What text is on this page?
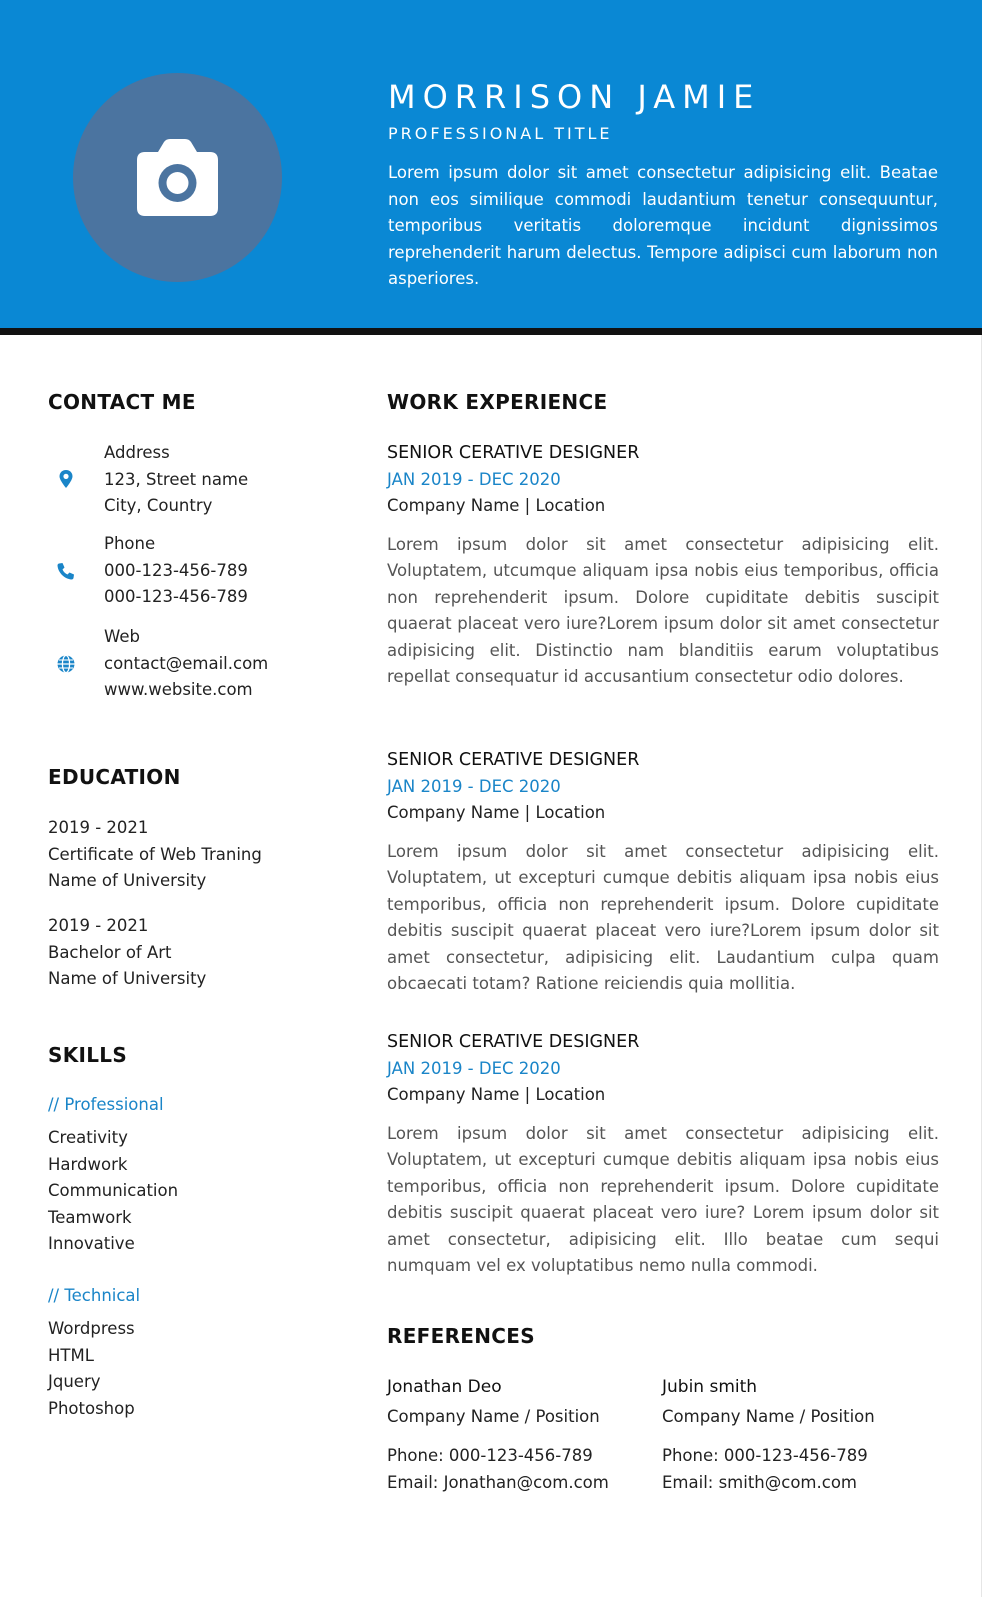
MORRISON JAMIE
PROFESSIONAL TITLE
Lorem ipsum dolor sit amet consectetur adipisicing elit. Beatae non eos similique commodi laudantium tenetur consequuntur, temporibus veritatis doloremque incidunt dignissimos reprehenderit harum delectus. Tempore adipisci cum laborum non asperiores.
CONTACT ME
Address
123, Street name
City, Country
Phone
000-123-456-789
000-123-456-789
Web
contact@email.com
www.website.com
EDUCATION
2019 - 2021
Certificate of Web Traning
Name of University
2019 - 2021
Bachelor of Art
Name of University
SKILLS
// Professional
Creativity
Hardwork
Communication
Teamwork
Innovative
// Technical
Wordpress
HTML
Jquery
Photoshop
WORK EXPERIENCE
SENIOR CERATIVE DESIGNER
JAN 2019 - DEC 2020
Company Name | Location
Lorem ipsum dolor sit amet consectetur adipisicing elit. Voluptatem, utcumque aliquam ipsa nobis eius temporibus, officia non reprehenderit ipsum. Dolore cupiditate debitis suscipit quaerat placeat vero iure?Lorem ipsum dolor sit amet consectetur adipisicing elit. Distinctio nam blanditiis earum voluptatibus repellat consequatur id accusantium consectetur odio dolores.
SENIOR CERATIVE DESIGNER
JAN 2019 - DEC 2020
Company Name | Location
Lorem ipsum dolor sit amet consectetur adipisicing elit. Voluptatem, ut excepturi cumque debitis aliquam ipsa nobis eius temporibus, officia non reprehenderit ipsum. Dolore cupiditate debitis suscipit quaerat placeat vero iure?Lorem ipsum dolor sit amet consectetur, adipisicing elit. Laudantium culpa quam obcaecati totam? Ratione reiciendis quia mollitia.
SENIOR CERATIVE DESIGNER
JAN 2019 - DEC 2020
Company Name | Location
Lorem ipsum dolor sit amet consectetur adipisicing elit. Voluptatem, ut excepturi cumque debitis aliquam ipsa nobis eius temporibus, officia non reprehenderit ipsum. Dolore cupiditate debitis suscipit quaerat placeat vero iure? Lorem ipsum dolor sit amet consectetur, adipisicing elit. Illo beatae cum sequi numquam vel ex voluptatibus nemo nulla commodi.
REFERENCES
Jonathan Deo
Company Name / Position
Phone: 000-123-456-789
Email: Jonathan@com.com
Jubin smith
Company Name / Position
Phone: 000-123-456-789
Email: smith@com.com
